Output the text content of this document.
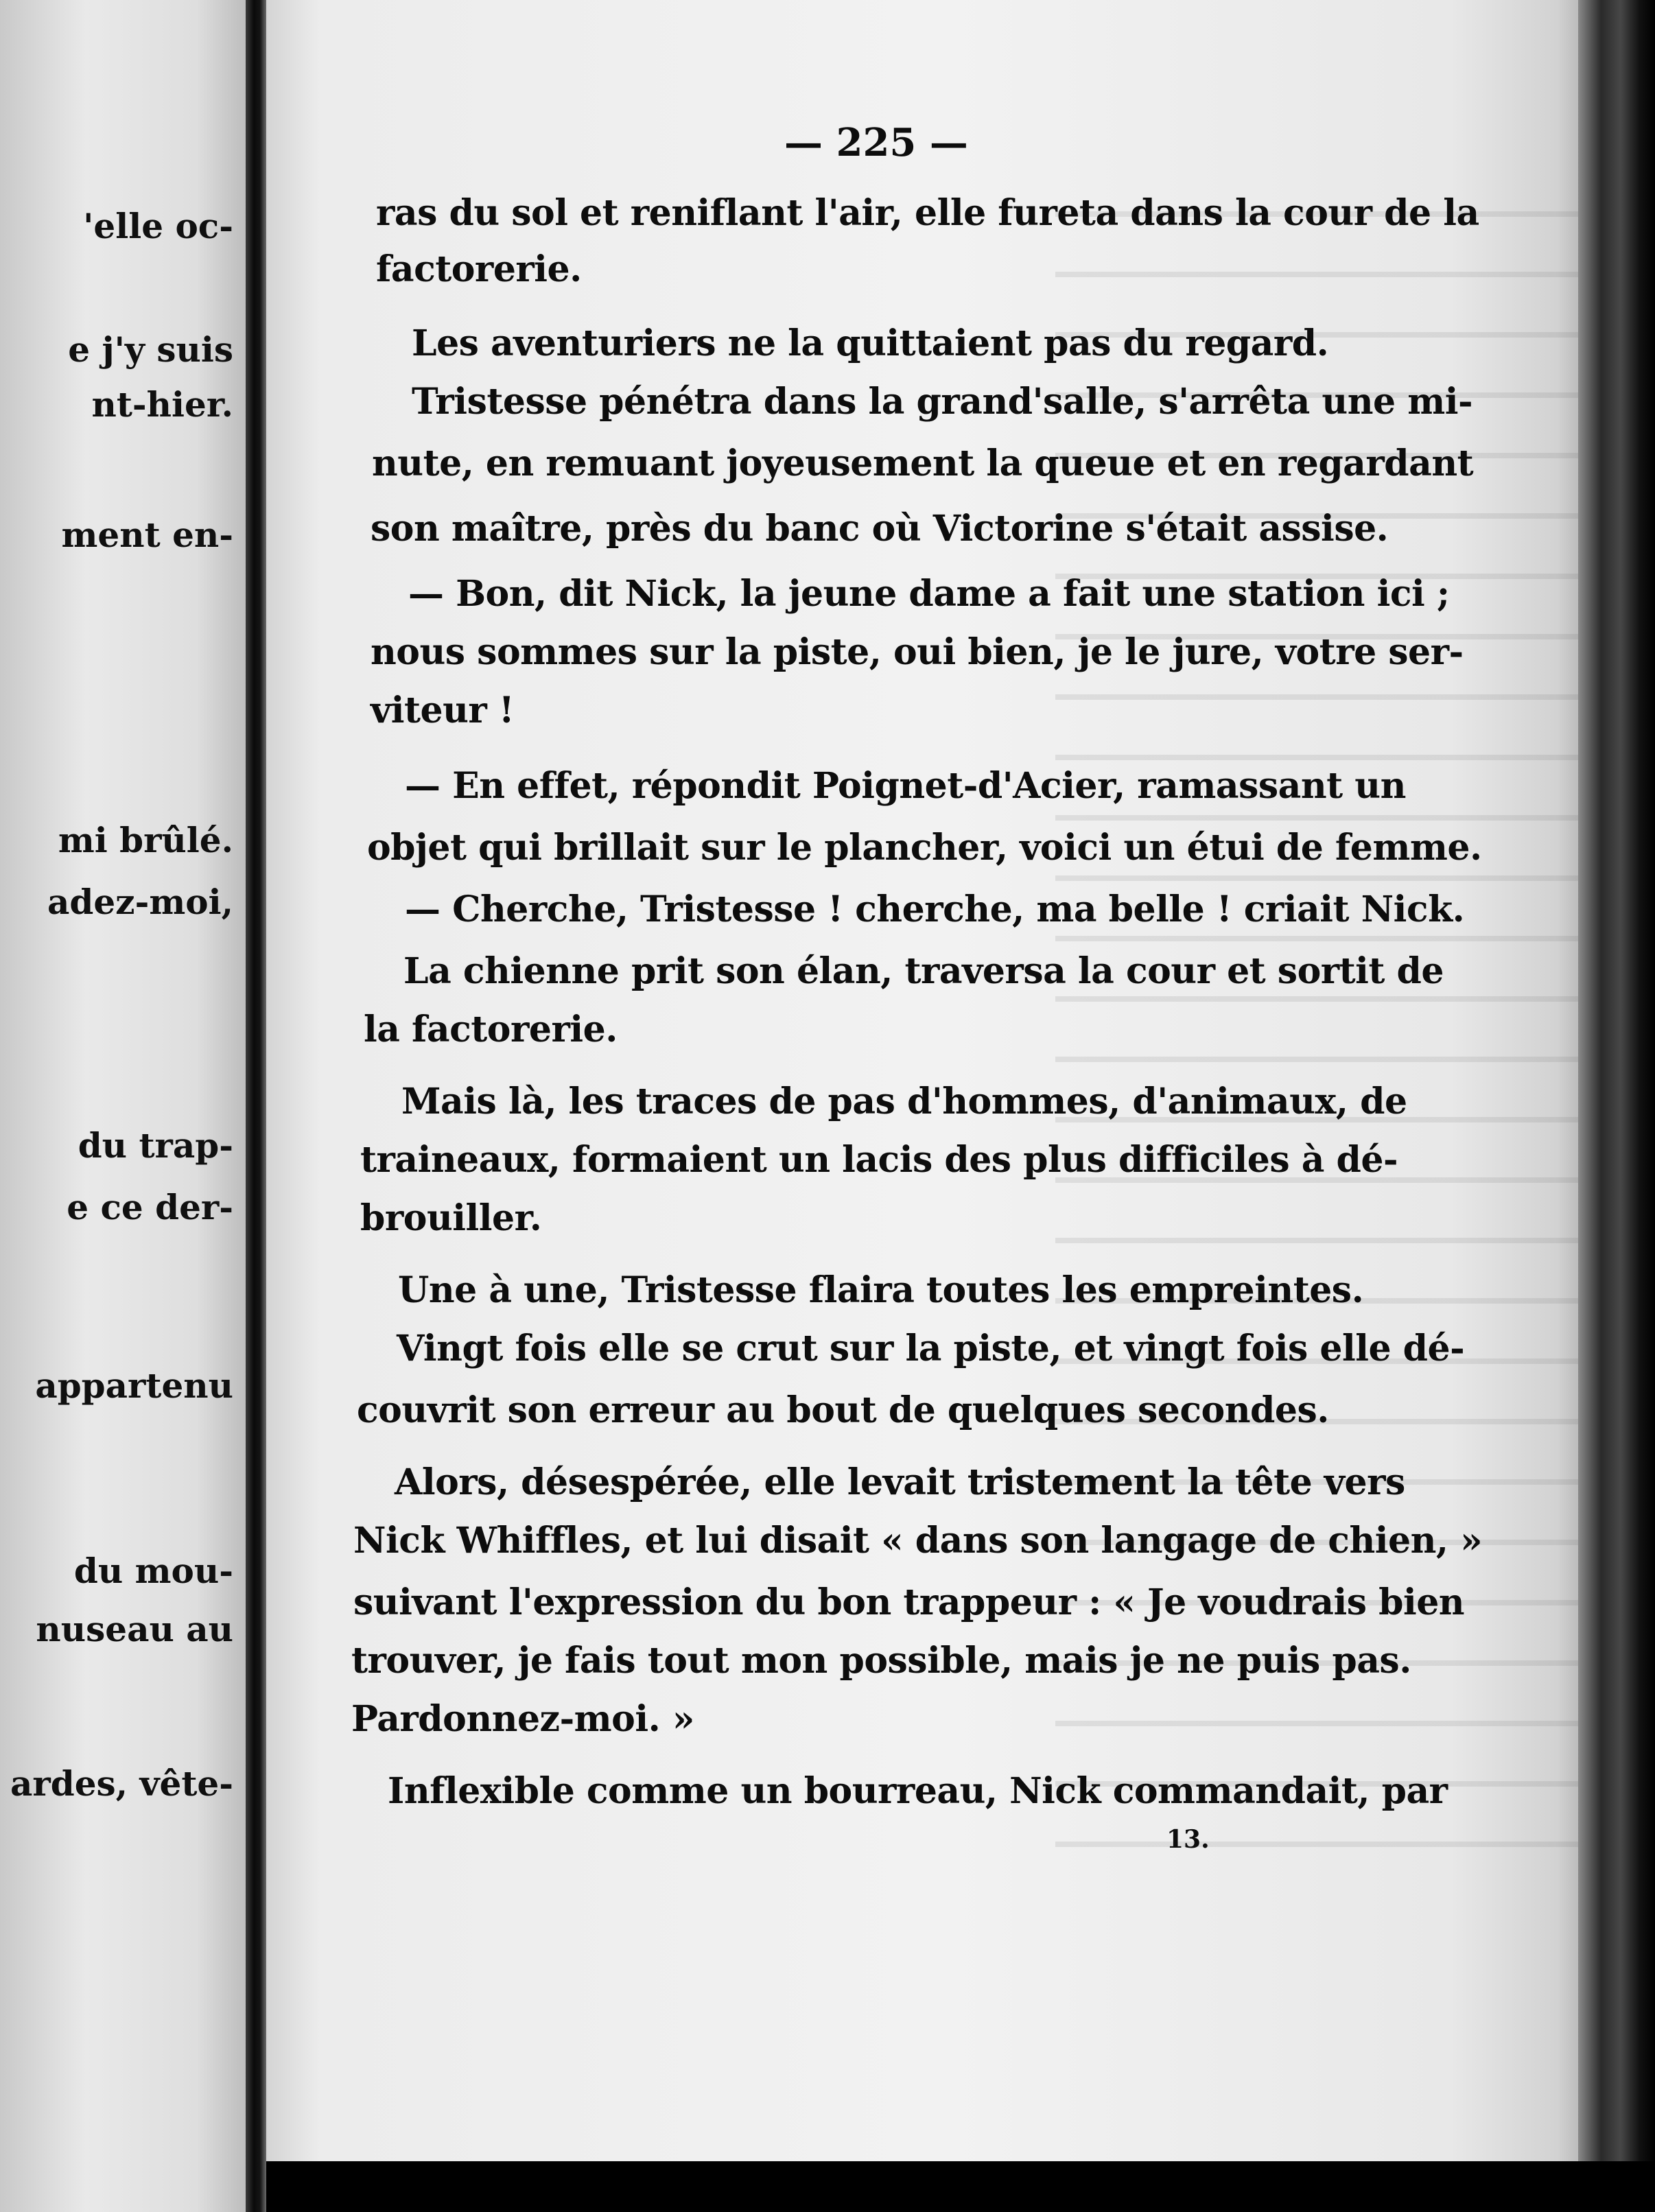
'elle oc-
e j'y suis
nt-hier.
ment en-
mi brûlé.
adez-moi,
du trap-
e ce der-
appartenu
du mou-
nuseau au
ardes, vête-
— 225 —
ras du sol et reniflant l'air, elle fureta dans la cour de la
factorerie.
Les aventuriers ne la quittaient pas du regard.
Tristesse pénétra dans la grand'salle, s'arrêta une mi-
nute, en remuant joyeusement la queue et en regardant
son maître, près du banc où Victorine s'était assise.
— Bon, dit Nick, la jeune dame a fait une station ici ;
nous sommes sur la piste, oui bien, je le jure, votre ser-
viteur !
— En effet, répondit Poignet-d'Acier, ramassant un
objet qui brillait sur le plancher, voici un étui de femme.
— Cherche, Tristesse ! cherche, ma belle ! criait Nick.
La chienne prit son élan, traversa la cour et sortit de
la factorerie.
Mais là, les traces de pas d'hommes, d'animaux, de
traineaux, formaient un lacis des plus difficiles à dé-
brouiller.
Une à une, Tristesse flaira toutes les empreintes.
Vingt fois elle se crut sur la piste, et vingt fois elle dé-
couvrit son erreur au bout de quelques secondes.
Alors, désespérée, elle levait tristement la tête vers
Nick Whiffles, et lui disait « dans son langage de chien, »
suivant l'expression du bon trappeur : « Je voudrais bien
trouver, je fais tout mon possible, mais je ne puis pas.
Pardonnez-moi. »
Inflexible comme un bourreau, Nick commandait, par
13.
